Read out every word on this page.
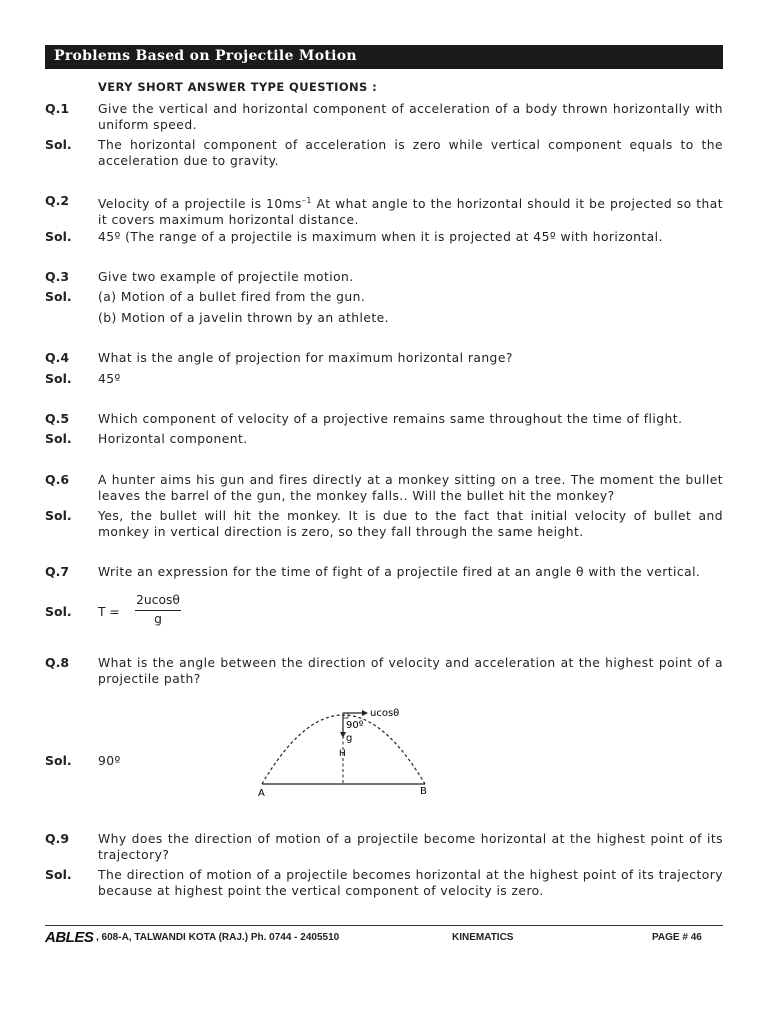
Problems Based on Projectile Motion
VERY SHORT ANSWER TYPE QUESTIONS :
Q.1 Give the vertical and horizontal component of acceleration of a body thrown horizontally with uniform speed.
Sol. The horizontal component of acceleration is zero while vertical component equals to the acceleration due to gravity.
Q.2 Velocity of a projectile is $10ms^{-1}$ At what angle to the horizontal should it be projected so that it covers maximum horizontal distance.
Sol. 45º (The range of a projectile is maximum when it is projected at 45º with horizontal.
Q.3 Give two example of projectile motion.
Sol. (a) Motion of a bullet fired from the gun.
(b) Motion of a javelin thrown by an athlete.
Q.4 What is the angle of projection for maximum horizontal range?
Sol. 45º
Q.5 Which component of velocity of a projective remains same throughout the time of flight.
Sol. Horizontal component.
Q.6 A hunter aims his gun and fires directly at a monkey sitting on a tree. The moment the bullet leaves the barrel of the gun, the monkey falls.. Will the bullet hit the monkey?
Sol. Yes, the bullet will hit the monkey. It is due to the fact that initial velocity of bullet and monkey in vertical direction is zero, so they fall through the same height.
Q.7 Write an expression for the time of fight of a projectile fired at an angle θ with the vertical.
Sol. T =
2ucosθ
g
Q.8 What is the angle between the direction of velocity and acceleration at the highest point of a projectile path?
Sol. 90º
ucosθ
90º
g
H
A	B
Q.9 Why does the direction of motion of a projectile become horizontal at the highest point of its trajectory?
Sol. The direction of motion of a projectile becomes horizontal at the highest point of its trajectory because at highest point the vertical component of velocity is zero.
ABLES , 608-A, TALWANDI KOTA (RAJ.) Ph. 0744 - 2405510	KINEMATICS	PAGE # 46
